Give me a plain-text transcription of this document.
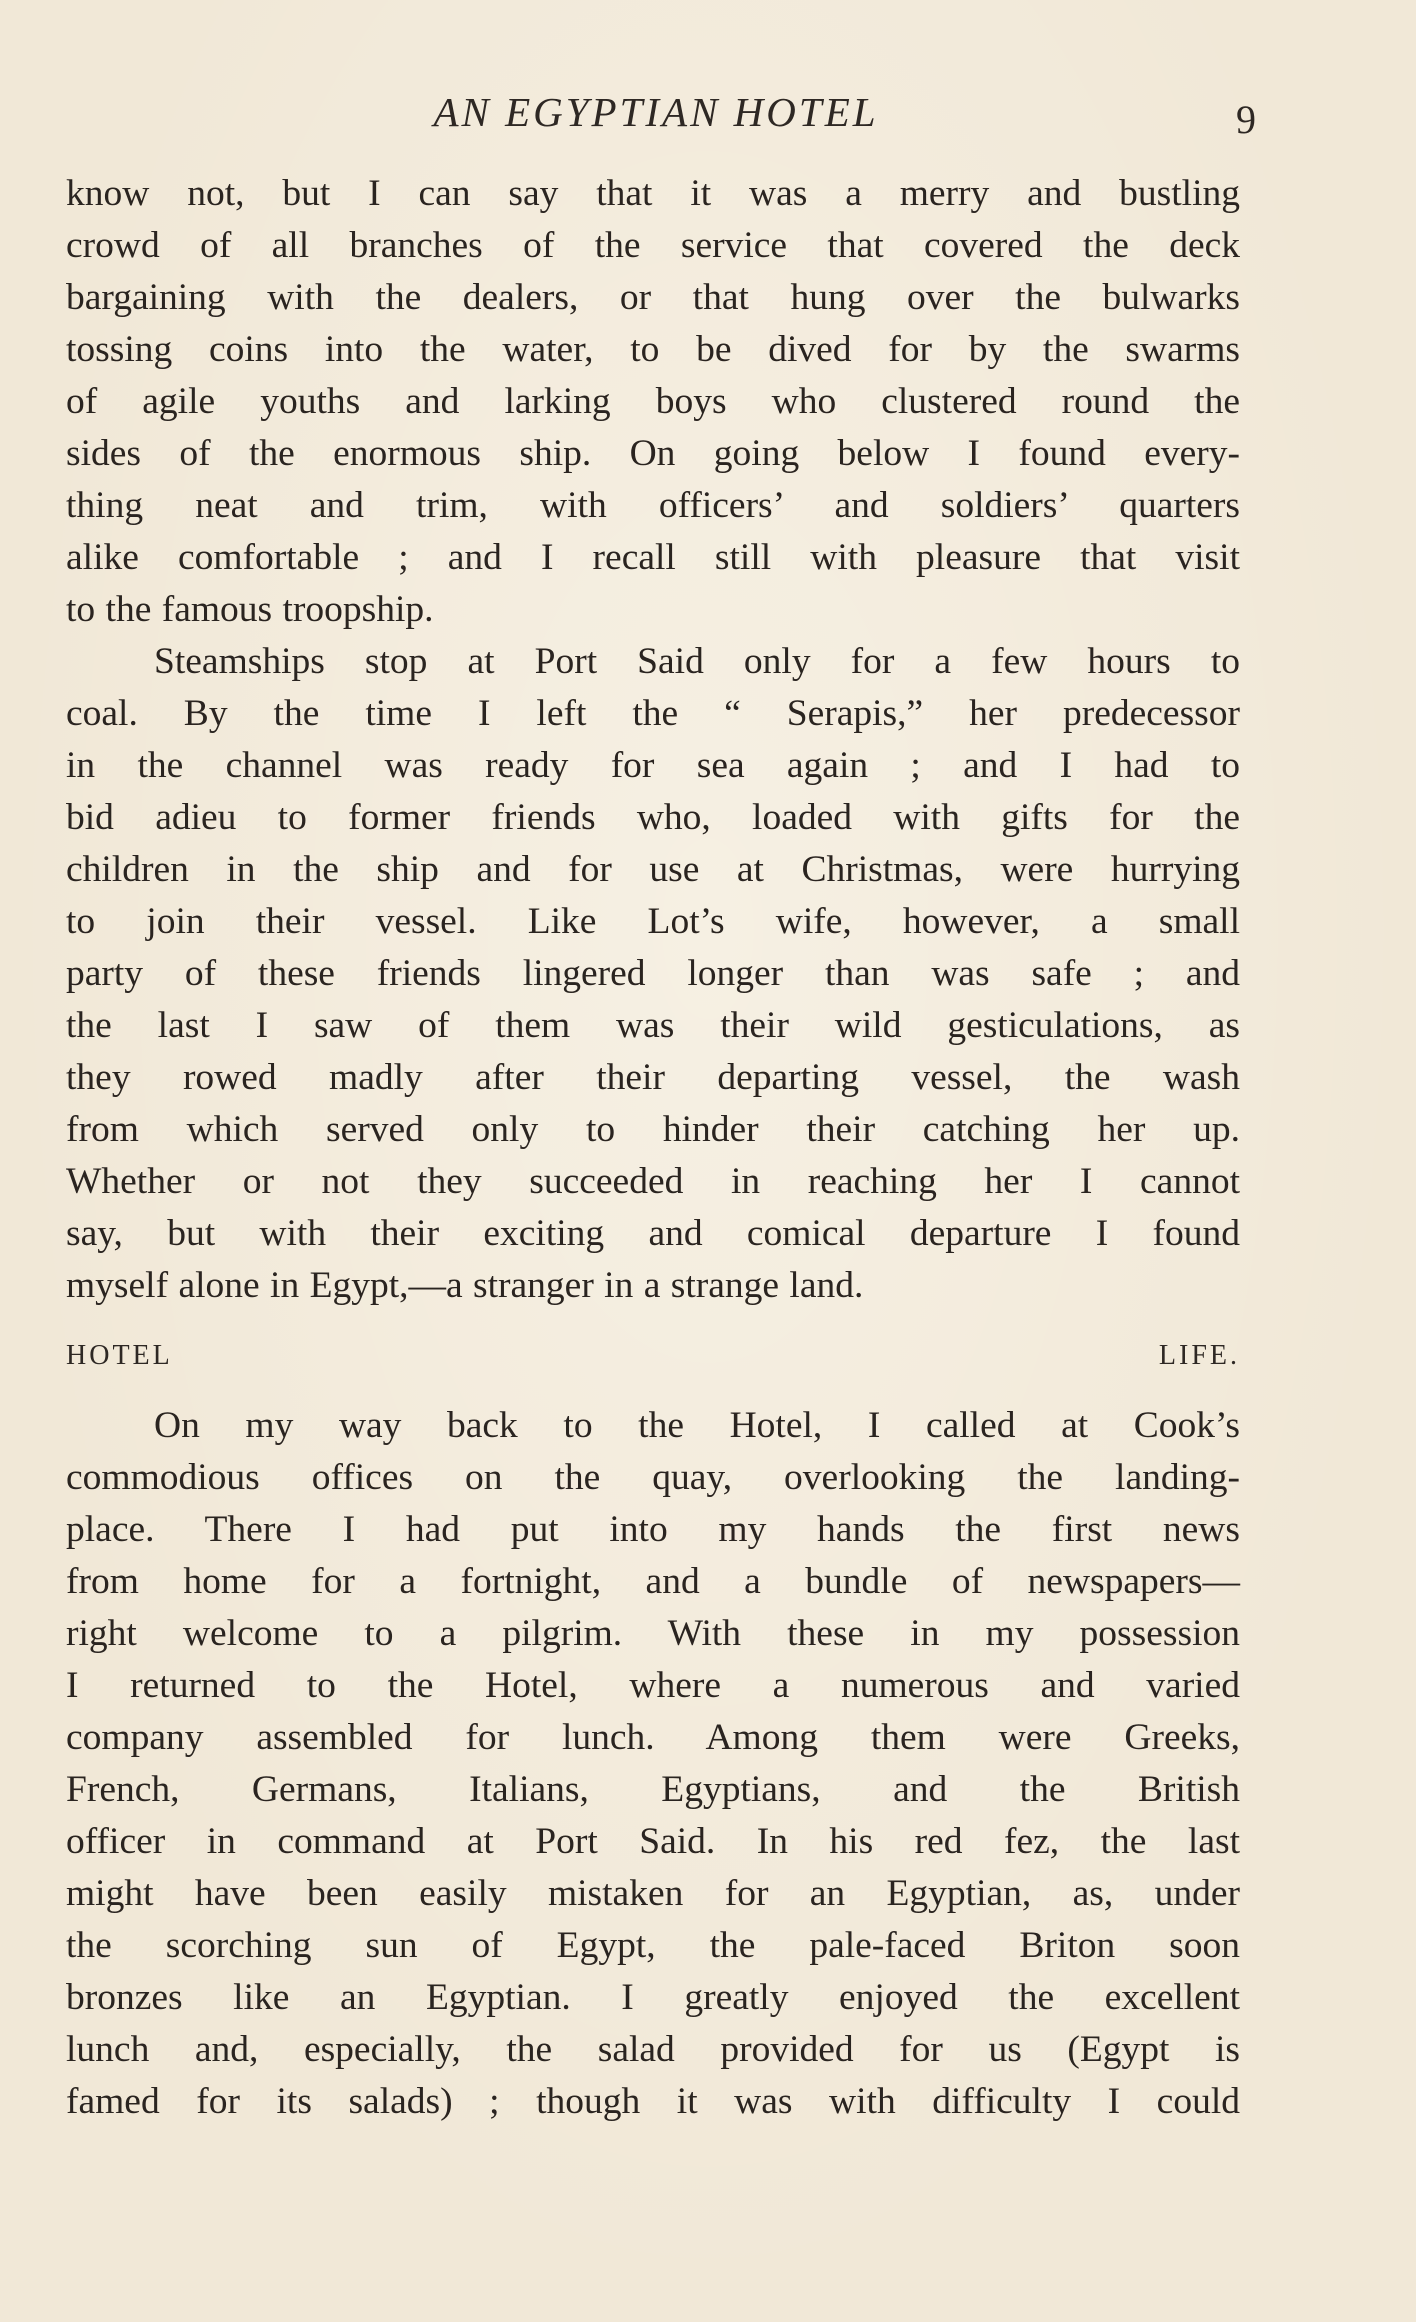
AN EGYPTIAN HOTEL	9
know not, but I can say that it was a merry and bustling
crowd of all branches of the service that covered the deck
bargaining with the dealers, or that hung over the bulwarks
tossing coins into the water, to be dived for by the swarms
of agile youths and larking boys who clustered round the
sides of the enormous ship. On going below I found every-
thing neat and trim, with officers’ and soldiers’ quarters
alike comfortable ; and I recall still with pleasure that visit
to the famous troopship.
Steamships stop at Port Said only for a few hours to
coal. By the time I left the “ Serapis,” her predecessor
in the channel was ready for sea again ; and I had to
bid adieu to former friends who, loaded with gifts for the
children in the ship and for use at Christmas, were hurrying
to join their vessel. Like Lot’s wife, however, a small
party of these friends lingered longer than was safe ; and
the last I saw of them was their wild gesticulations, as
they rowed madly after their departing vessel, the wash
from which served only to hinder their catching her up.
Whether or not they succeeded in reaching her I cannot
say, but with their exciting and comical departure I found
myself alone in Egypt,—a stranger in a strange land.
HOTEL LIFE.
On my way back to the Hotel, I called at Cook’s
commodious offices on the quay, overlooking the landing-
place. There I had put into my hands the first news
from home for a fortnight, and a bundle of newspapers—
right welcome to a pilgrim. With these in my possession
I returned to the Hotel, where a numerous and varied
company assembled for lunch. Among them were Greeks,
French, Germans, Italians, Egyptians, and the British
officer in command at Port Said. In his red fez, the last
might have been easily mistaken for an Egyptian, as, under
the scorching sun of Egypt, the pale-faced Briton soon
bronzes like an Egyptian. I greatly enjoyed the excellent
lunch and, especially, the salad provided for us (Egypt is
famed for its salads) ; though it was with difficulty I could
